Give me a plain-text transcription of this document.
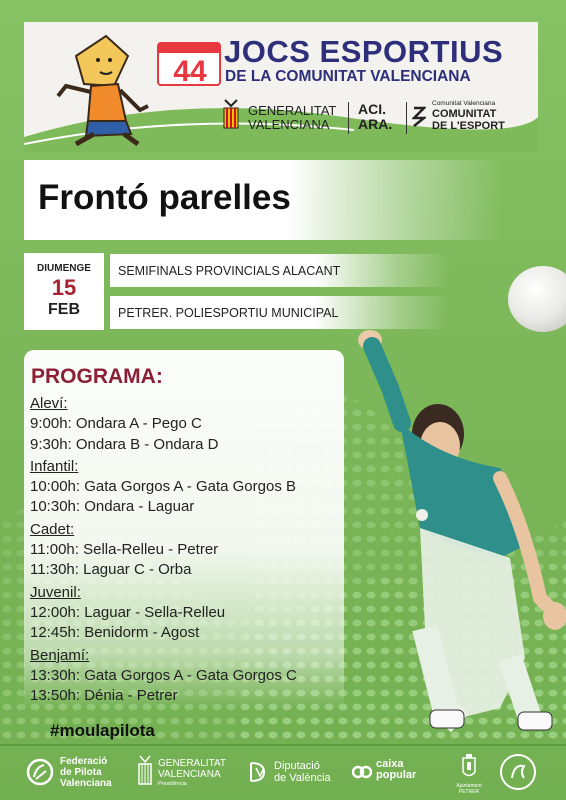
44
JOCS ESPORTIUS
DE LA COMUNITAT VALENCIANA
GENERALITAT
VALENCIANA
ACI.
ARA.
Comunitat Valenciana
COMUNITAT
DE L'ESPORT
Frontó parelles
DIUMENGE
15
FEB
SEMIFINALS PROVINCIALS ALACANT
PETRER. POLIESPORTIU MUNICIPAL
PROGRAMA:
Aleví:
9:00h: Ondara A - Pego C
9:30h: Ondara B - Ondara D
Infantil:
10:00h: Gata Gorgos A - Gata Gorgos B
10:30h: Ondara - Laguar
Cadet:
11:00h: Sella-Relleu - Petrer
11:30h: Laguar C - Orba
Juvenil:
12:00h: Laguar - Sella-Relleu
12:45h: Benidorm - Agost
Benjamí:
13:30h: Gata Gorgos A - Gata Gorgos C
13:50h: Dénia - Petrer
#moulapilota
Federació
de Pilota
Valenciana
GENERALITAT
VALENCIANA
Presidència
Diputació
de València
caixa
popular
Ajuntament PETRER
